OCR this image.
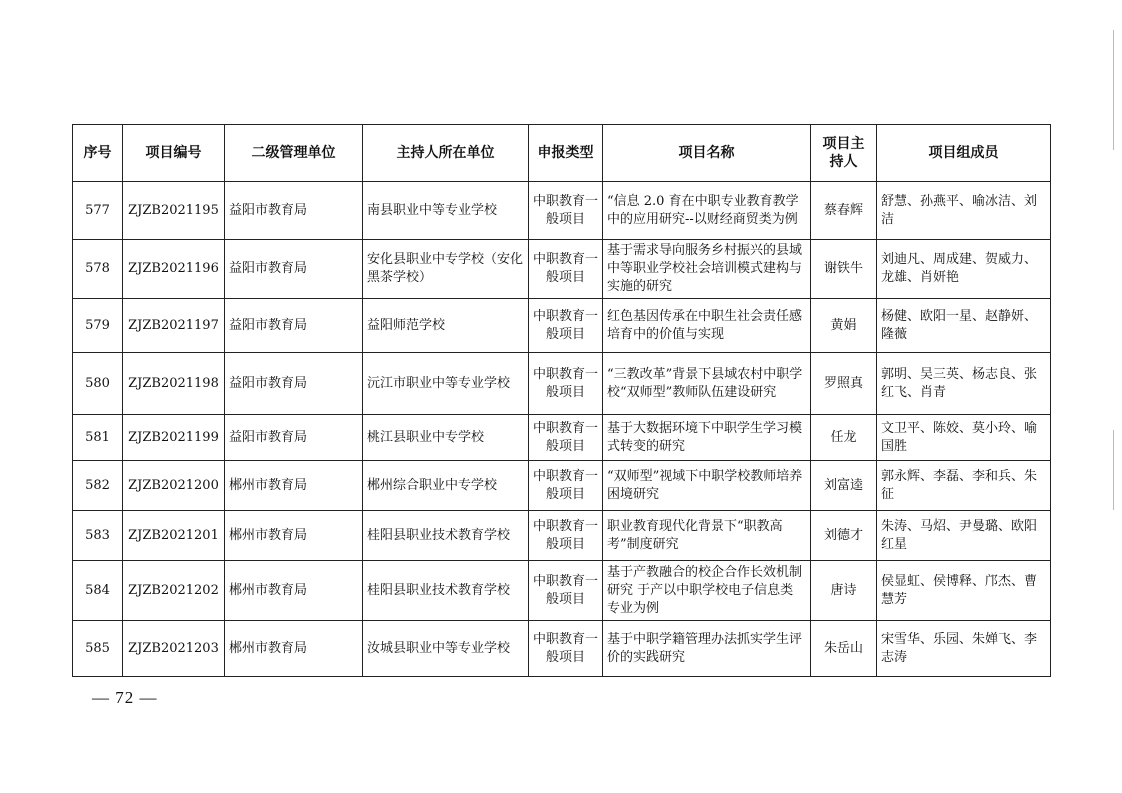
序号	项目编号	二级管理单位	主持人所在单位	申报类型	项目名称	项目主持人	项目组成员
577	ZJZB2021195	益阳市教育局	南县职业中等专业学校	中职教育一般项目	“信息 2.0 育在中职专业教育教学中的应用研究--以财经商贸类为例	蔡春辉	舒慧、孙燕平、喻冰洁、刘洁
578	ZJZB2021196	益阳市教育局	安化县职业中专学校（安化黑茶学校）	中职教育一般项目	基于需求导向服务乡村振兴的县域中等职业学校社会培训模式建构与实施的研究	谢铁牛	刘迪凡、周成建、贺威力、龙雄、肖妍艳
579	ZJZB2021197	益阳市教育局	益阳师范学校	中职教育一般项目	红色基因传承在中职生社会责任感培育中的价值与实现	黄娟	杨健、欧阳一星、赵静妍、隆薇
580	ZJZB2021198	益阳市教育局	沅江市职业中等专业学校	中职教育一般项目	“三教改革”背景下县域农村中职学校“双师型”教师队伍建设研究	罗照真	郭明、吴三英、杨志良、张红飞、肖青
581	ZJZB2021199	益阳市教育局	桃江县职业中专学校	中职教育一般项目	基于大数据环境下中职学生学习模式转变的研究	任龙	文卫平、陈姣、莫小玲、喻国胜
582	ZJZB2021200	郴州市教育局	郴州综合职业中专学校	中职教育一般项目	“双师型”视域下中职学校教师培养困境研究	刘富逵	郭永辉、李磊、李和兵、朱征
583	ZJZB2021201	郴州市教育局	桂阳县职业技术教育学校	中职教育一般项目	职业教育现代化背景下“职教高考”制度研究	刘德才	朱涛、马炤、尹曼璐、欧阳红星
584	ZJZB2021202	郴州市教育局	桂阳县职业技术教育学校	中职教育一般项目	基于产教融合的校企合作长效机制研究 于产以中职学校电子信息类专业为例	唐诗	侯显虹、侯博释、邝杰、曹慧芳
585	ZJZB2021203	郴州市教育局	汝城县职业中等专业学校	中职教育一般项目	基于中职学籍管理办法抓实学生评价的实践研究	朱岳山	宋雪华、乐园、朱婵飞、李志涛
— 72 —
